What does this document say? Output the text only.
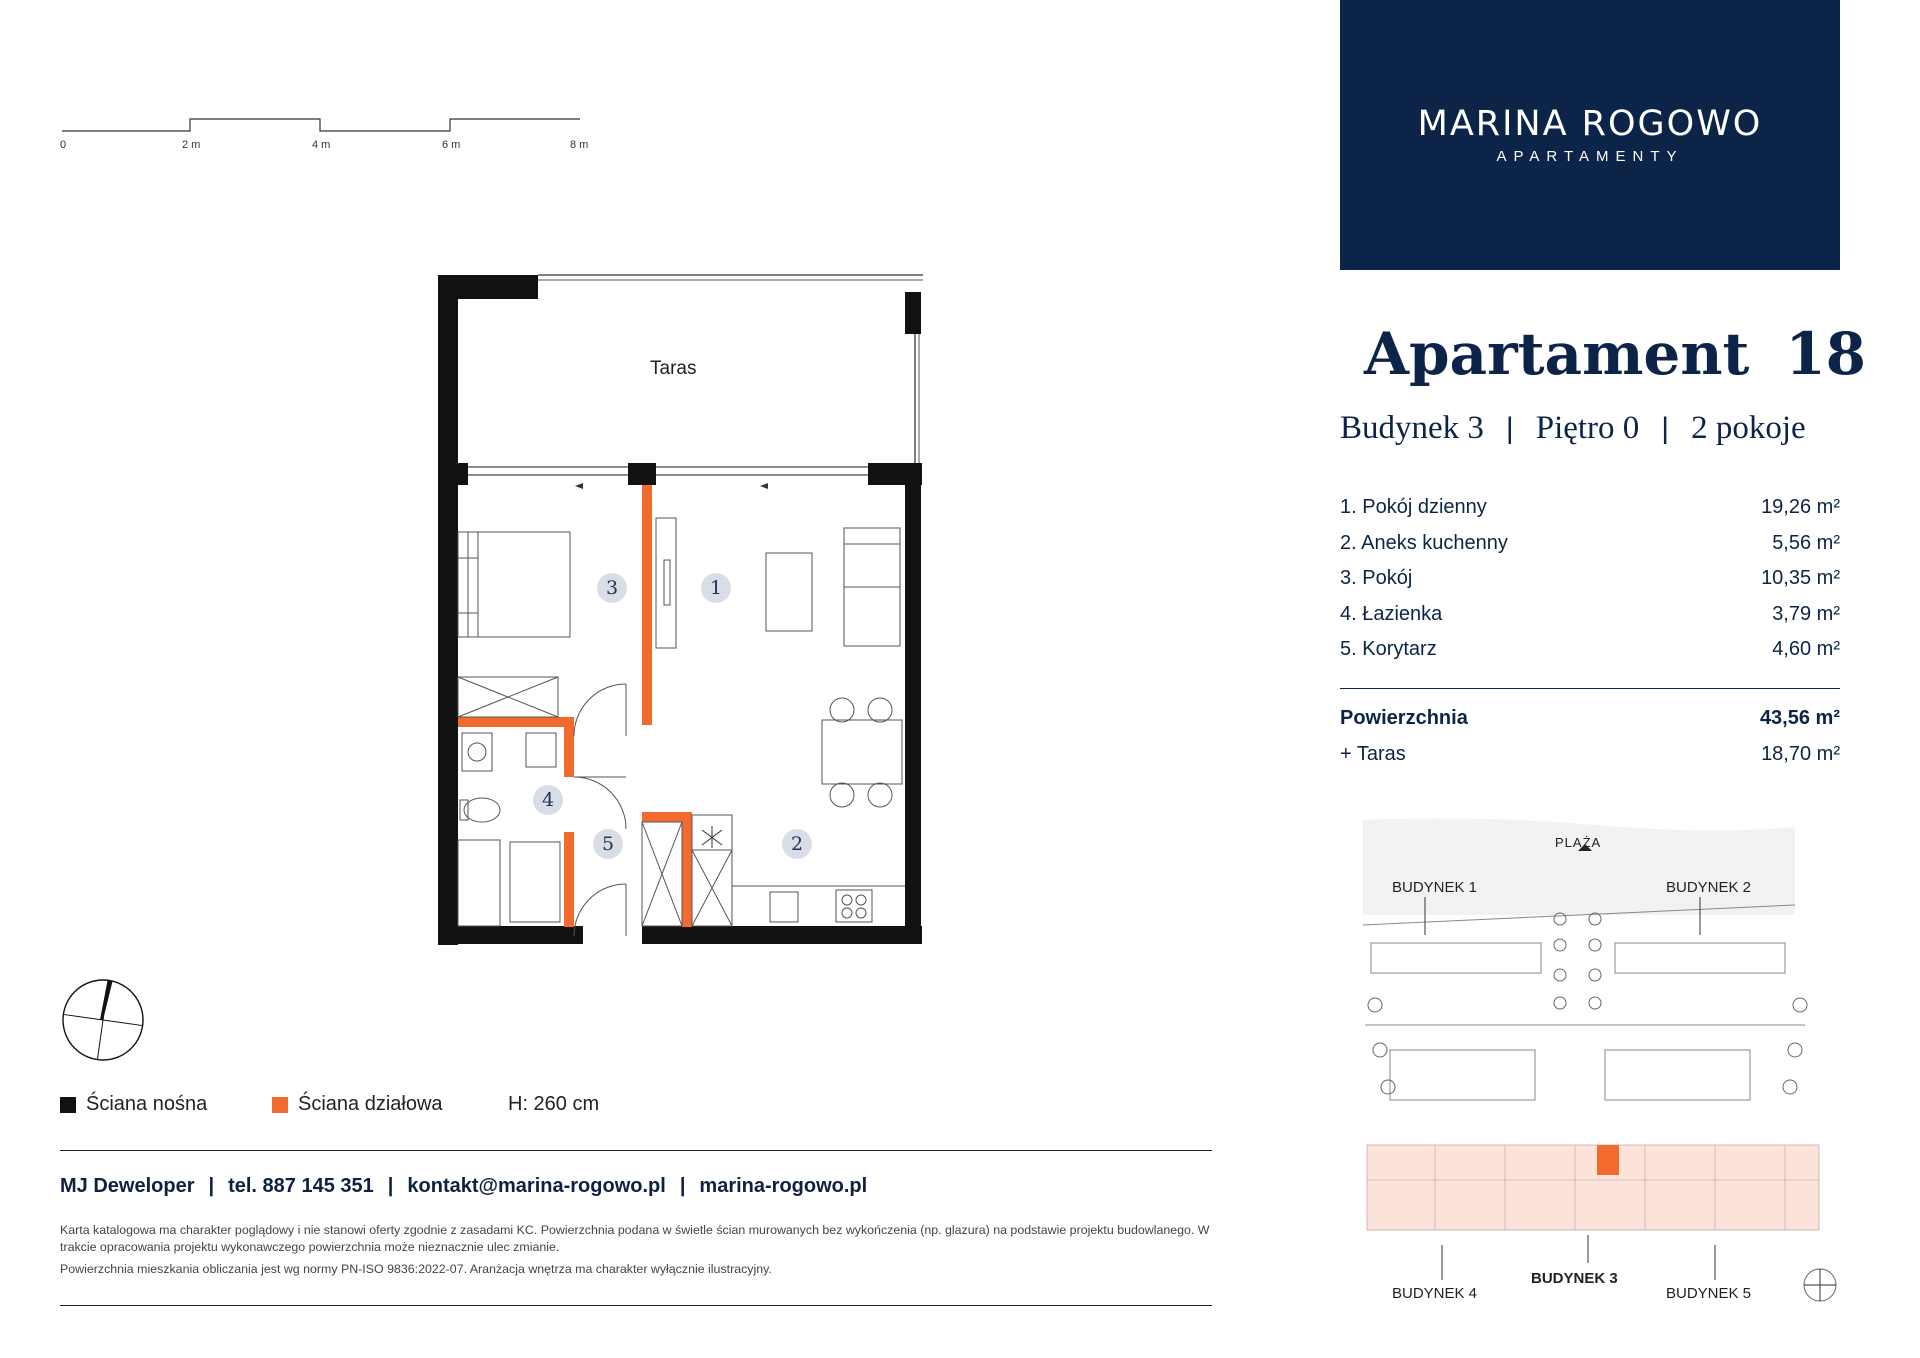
0	2 m	4 m	6 m	8 m
Taras
3	1
4
5	2
Ściana nośna	Ściana działowa	H: 260 cm
MJ Deweloper | tel. 887 145 351 | kontakt@marina-rogowo.pl | marina-rogowo.pl

Karta katalogowa ma charakter poglądowy i nie stanowi oferty zgodnie z zasadami KC. Powierzchnia podana w świetle ścian murowanych bez wykończenia (np. glazura) na podstawie projektu budowlanego. W trakcie opracowania projektu wykonawczego powierzchnia może nieznacznie ulec zmianie.

Powierzchnia mieszkania obliczania jest wg normy PN-ISO 9836:2022-07. Aranżacja wnętrza ma charakter wyłącznie ilustracyjny.

MARINA ROGOWO
APARTAMENTY
Apartament 18
Budynek 3 | Piętro 0 | 2 pokoje
1. Pokój dzienny	19,26 m²
2. Aneks kuchenny	5,56 m²
3. Pokój	10,35 m²
4. Łazienka	3,79 m²
5. Korytarz	4,60 m²
Powierzchnia	43,56 m²
+ Taras	18,70 m²
PLAŻA
BUDYNEK 1	BUDYNEK 2
BUDYNEK 3
BUDYNEK 4	BUDYNEK 5
